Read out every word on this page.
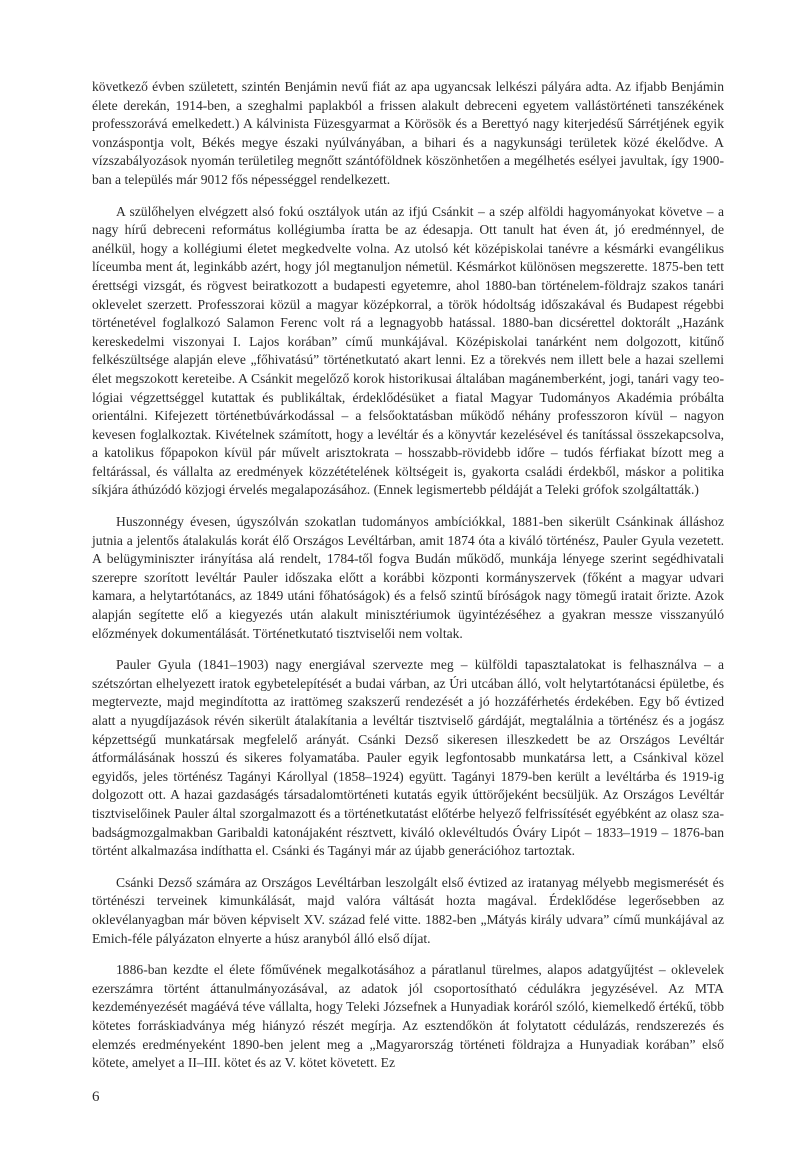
következő évben született, szintén Benjámin nevű fiát az apa ugyancsak lelkészi pályára adta. Az ifjabb Benjámin élete derekán, 1914-ben, a szeghalmi paplakból a frissen alakult debreceni egyetem vallástörténeti tanszékének professzorává emelkedett.) A kálvinista Füzesgyarmat a Körösök és a Berettyó nagy kiterjedésű Sárrétjének egyik vonzáspontja volt, Békés megye északi nyúlványában, a bihari és a nagykunsági területek közé ékelődve. A vízszabályozások nyomán területileg megnőtt szántóföldnek köszönhetően a megélhetés esélyei javultak, így 1900-ban a település már 9012 fős népességgel rendelkezett.

A szülőhelyen elvégzett alsó fokú osztályok után az ifjú Csánkit – a szép alföldi hagyományokat követve – a nagy hírű debreceni református kollégiumba íratta be az édesapja. Ott tanult hat éven át, jó eredménnyel, de anélkül, hogy a kollégiumi életet megkedvelte volna. Az utolsó két középiskolai tanévre a késmárki evangélikus líceumba ment át, leginkább azért, hogy jól megtanuljon németül. Késmárkot különösen megszerette. 1875-ben tett érettségi vizsgát, és rögvest beiratkozott a budapesti egyetemre, ahol 1880-ban történelem-földrajz szakos tanári oklevelet szerzett. Professzorai közül a magyar középkorral, a török hódoltság időszakával és Budapest régebbi történetével foglalkozó Salamon Ferenc volt rá a legnagyobb hatással. 1880-ban dicsérettel doktorált „Hazánk kereskedelmi viszonyai I. Lajos korában” című munkájával. Középiskolai tanárként nem dolgozott, kitűnő felkészültsége alapján eleve „főhivatású” történetkutató akart lenni. Ez a törekvés nem illett bele a hazai szellemi élet megszokott kereteibe. A Csánkit megelőző korok historikusai általában magánemberként, jogi, tanári vagy teológiai végzettséggel kutattak és publikáltak, érdeklődésüket a fiatal Magyar Tudományos Akadémia próbálta orientálni. Kifejezett történetbúvárkodással – a felsőoktatásban működő néhány professzoron kívül – nagyon kevesen foglalkoztak. Kivételnek számított, hogy a levéltár és a könyvtár kezelésével és tanítással összekapcsolva, a katolikus főpapokon kívül pár művelt arisztokrata – hosszabb-rövidebb időre – tudós férfiakat bízott meg a feltárással, és vállalta az eredmények közzétételének költségeit is, gyakorta családi érdekből, máskor a politika síkjára áthúzódó közjogi érvelés megalapozásához. (Ennek legismertebb példáját a Teleki grófok szolgáltatták.)

Huszonnégy évesen, úgyszólván szokatlan tudományos ambíciókkal, 1881-ben sikerült Csánkinak álláshoz jutnia a jelentős átalakulás korát élő Országos Levéltárban, amit 1874 óta a kiváló történész, Pauler Gyula vezetett. A belügyminiszter irányítása alá rendelt, 1784-től fogva Budán működő, munkája lényege szerint segédhivatali szerepre szorított levéltár Pauler időszaka előtt a korábbi központi kormányszervek (főként a magyar udvari kamara, a helytartótanács, az 1849 utáni főhatóságok) és a felső szintű bíróságok nagy tömegű iratait őrizte. Azok alapján segítette elő a kiegyezés után alakult minisztériumok ügyintézéséhez a gyakran messze visszanyúló előzmények dokumentálását. Történetkutató tisztviselői nem voltak.

Pauler Gyula (1841–1903) nagy energiával szervezte meg – külföldi tapasztalatokat is felhasználva – a szétszórtan elhelyezett iratok egybetelepítését a budai várban, az Úri utcában álló, volt helytartótanácsi épületbe, és megtervezte, majd megindította az irattömeg szakszerű rendezését a jó hozzáférhetés érdekében. Egy bő évtized alatt a nyugdíjazások révén sikerült átalakítania a levéltár tisztviselő gárdáját, megtalálnia a történész és a jogász képzettségű munkatársak megfelelő arányát. Csánki Dezső sikeresen illeszkedett be az Országos Levéltár átformálásának hosszú és sikeres folyamatába. Pauler egyik legfontosabb munkatársa lett, a Csánkival közel egyidős, jeles történész Tagányi Károllyal (1858–1924) együtt. Tagányi 1879-ben került a levéltárba és 1919-ig dolgozott ott. A hazai gazdaságés társadalomtörténeti kutatás egyik úttörőjeként becsüljük. Az Országos Levéltár tisztviselőinek Pauler által szorgalmazott és a történetkutatást előtérbe helyező felfrissítését egyébként az olasz szabadságmozgalmakban Garibaldi katonájaként résztvett, kiváló oklevéltudós Óváry Lipót – 1833–1919 – 1876-ban történt alkalmazása indíthatta el. Csánki és Tagányi már az újabb generációhoz tartoztak.

Csánki Dezső számára az Országos Levéltárban leszolgált első évtized az iratanyag mélyebb megismerését és történészi terveinek kimunkálását, majd valóra váltását hozta magával. Érdeklődése legerősebben az oklevélanyagban már böven képviselt XV. század felé vitte. 1882-ben „Mátyás király udvara” című munkájával az Emich-féle pályázaton elnyerte a húsz aranyból álló első díjat.

1886-ban kezdte el életе főművének megalkotásához a páratlanul türelmes, alapos adatgyűjtést – oklevelek ezerszámra történt áttanulmányozásával, az adatok jól csoportosítható cédulákra jegyzésével. Az MTA kezdeményezését magáévá téve vállalta, hogy Teleki Józsefnek a Hunyadiak koráról szóló, kiemelkedő értékű, több kötetes forráskiadványa még hiányzó részét megírja. Az esztendőkön át folytatott cédulázás, rendszerezés és elemzés eredményeként 1890-ben jelent meg a „Magyarország történeti földrajza a Hunyadiak korában” első kötete, amelyet a II–III. kötet és az V. kötet követett. Ez

6
